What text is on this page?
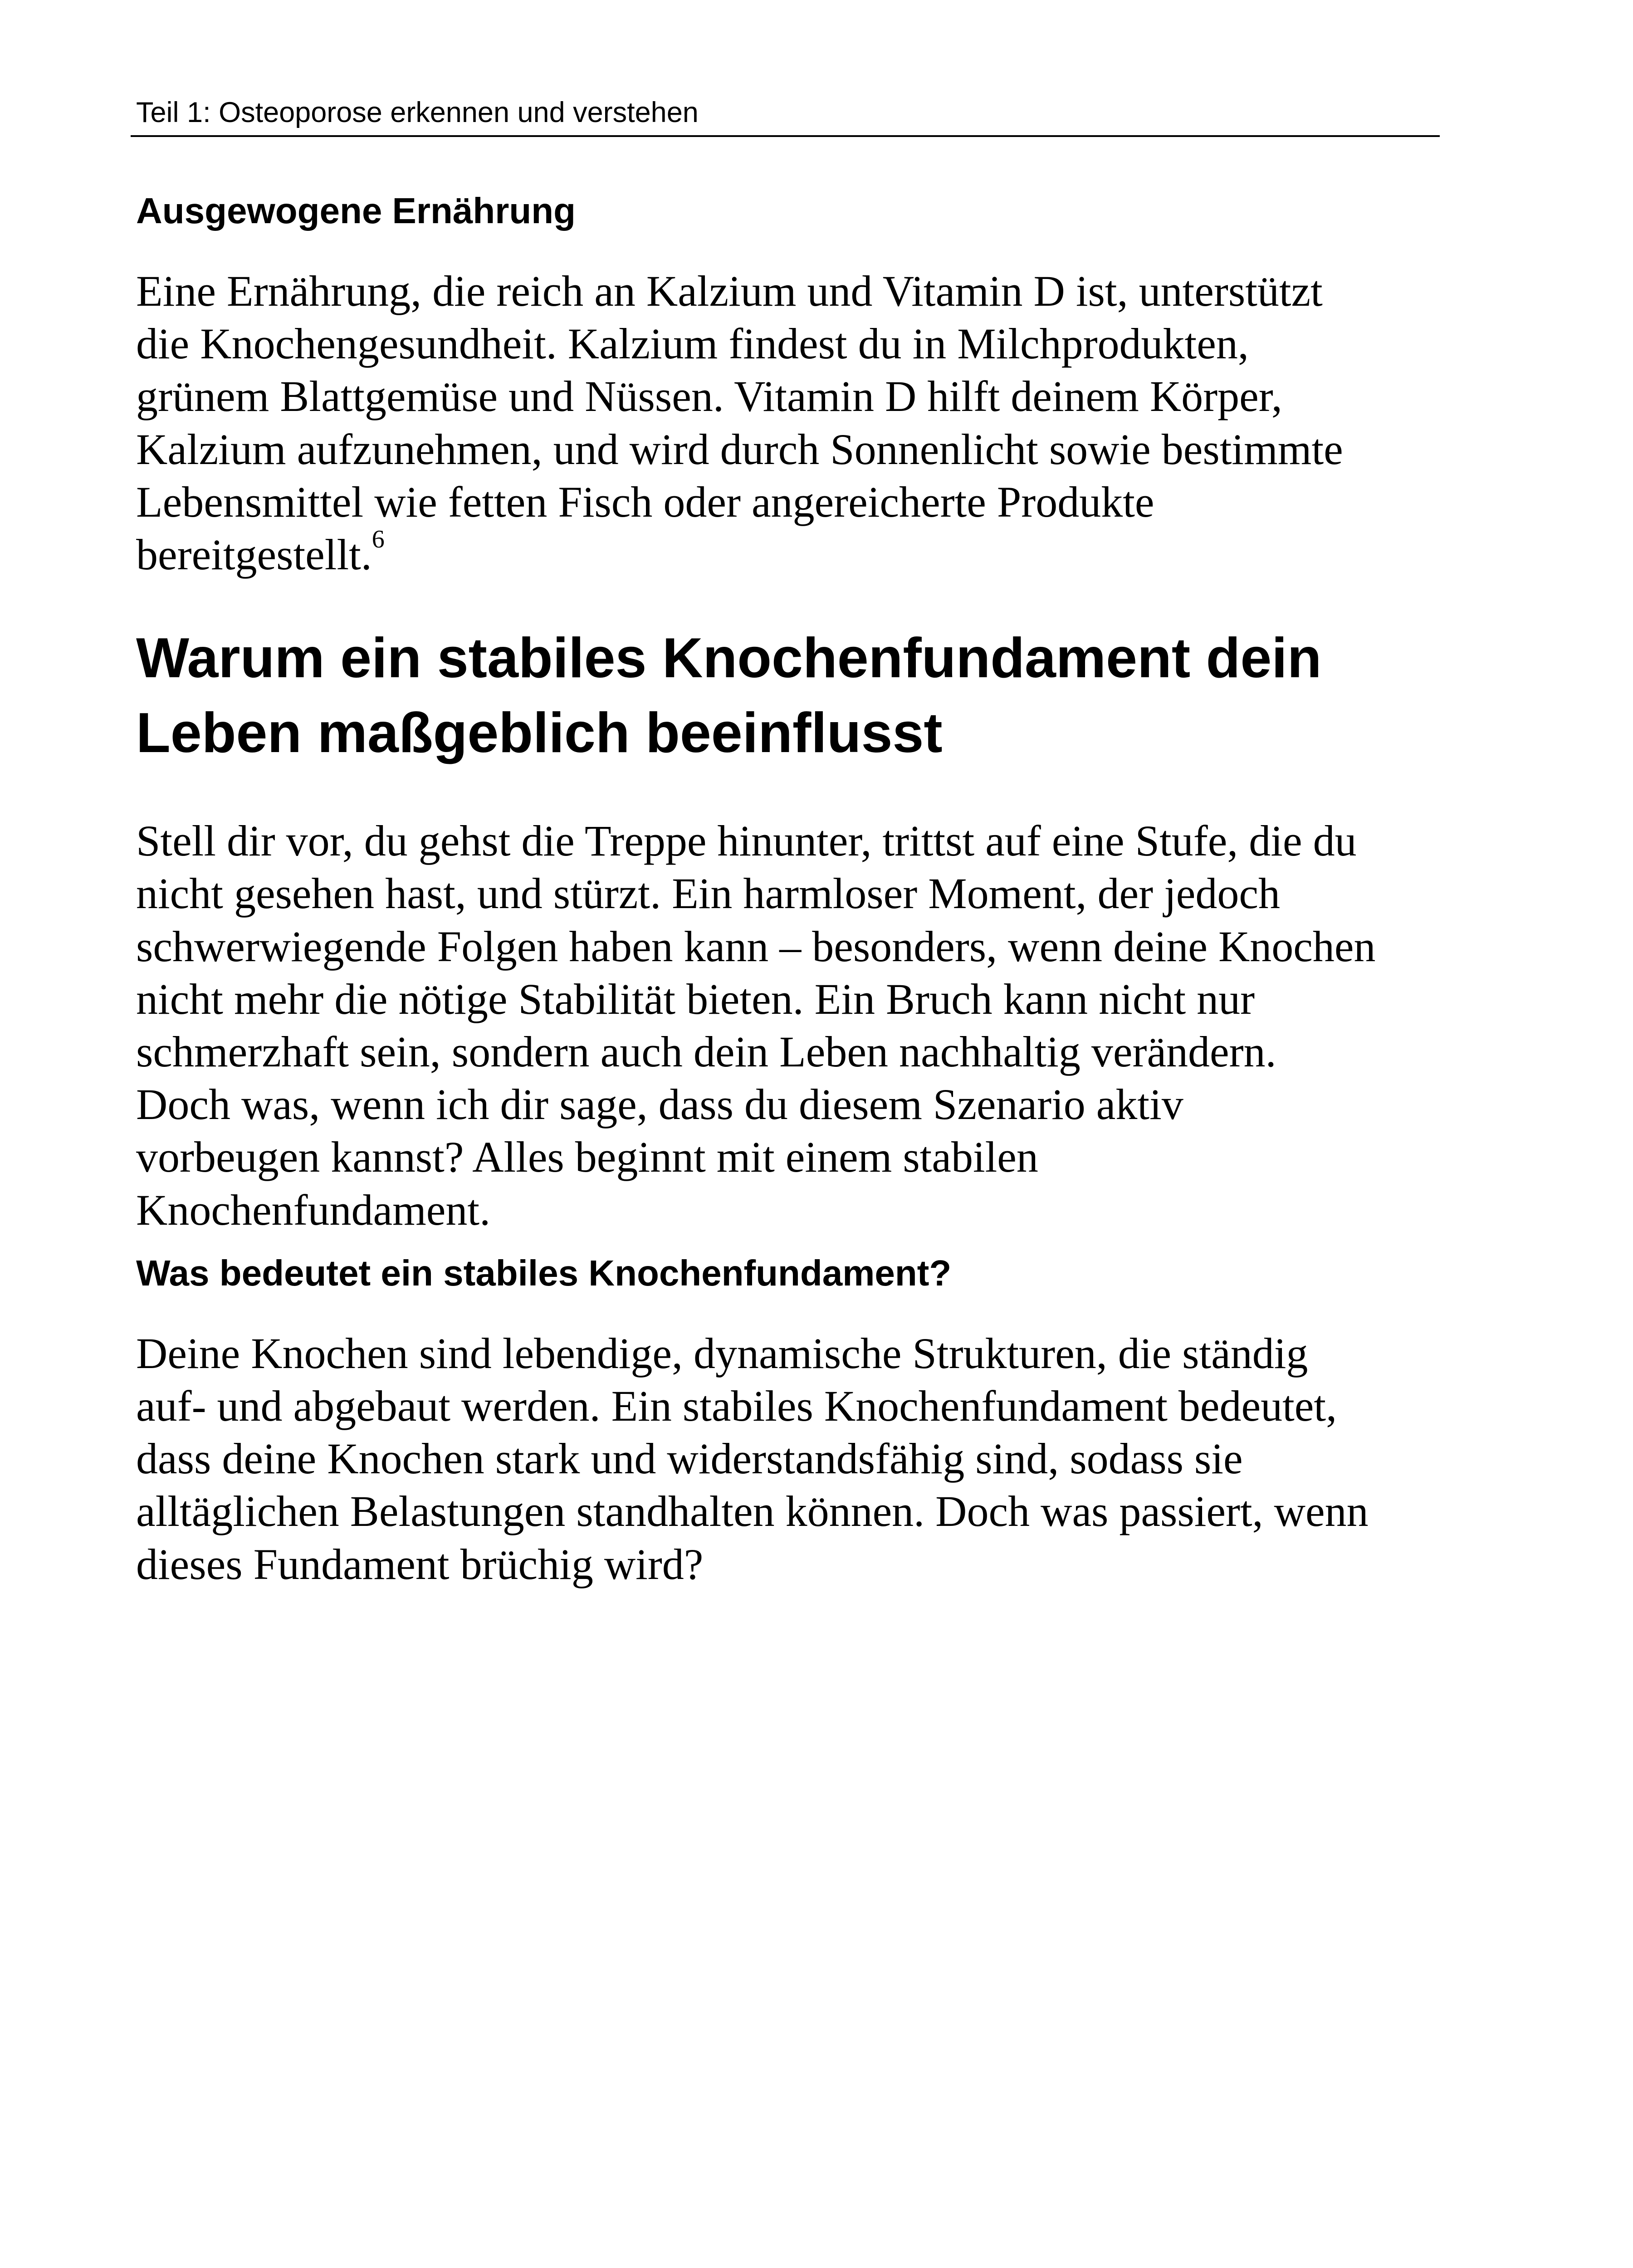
Teil 1: Osteoporose erkennen und verstehen
Ausgewogene Ernährung

Eine Ernährung, die reich an Kalzium und Vitamin D ist, unterstützt
die Knochengesundheit. Kalzium findest du in Milchprodukten,
grünem Blattgemüse und Nüssen. Vitamin D hilft deinem Körper,
Kalzium aufzunehmen, und wird durch Sonnenlicht sowie bestimmte
Lebensmittel wie fetten Fisch oder angereicherte Produkte
bereitgestellt.$^6$

Warum ein stabiles Knochenfundament dein
Leben maßgeblich beeinflusst

Stell dir vor, du gehst die Treppe hinunter, trittst auf eine Stufe, die du
nicht gesehen hast, und stürzt. Ein harmloser Moment, der jedoch
schwerwiegende Folgen haben kann – besonders, wenn deine Knochen
nicht mehr die nötige Stabilität bieten. Ein Bruch kann nicht nur
schmerzhaft sein, sondern auch dein Leben nachhaltig verändern.
Doch was, wenn ich dir sage, dass du diesem Szenario aktiv
vorbeugen kannst? Alles beginnt mit einem stabilen
Knochenfundament.

Was bedeutet ein stabiles Knochenfundament?

Deine Knochen sind lebendige, dynamische Strukturen, die ständig
auf- und abgebaut werden. Ein stabiles Knochenfundament bedeutet,
dass deine Knochen stark und widerstandsfähig sind, sodass sie
alltäglichen Belastungen standhalten können. Doch was passiert, wenn
dieses Fundament brüchig wird?
